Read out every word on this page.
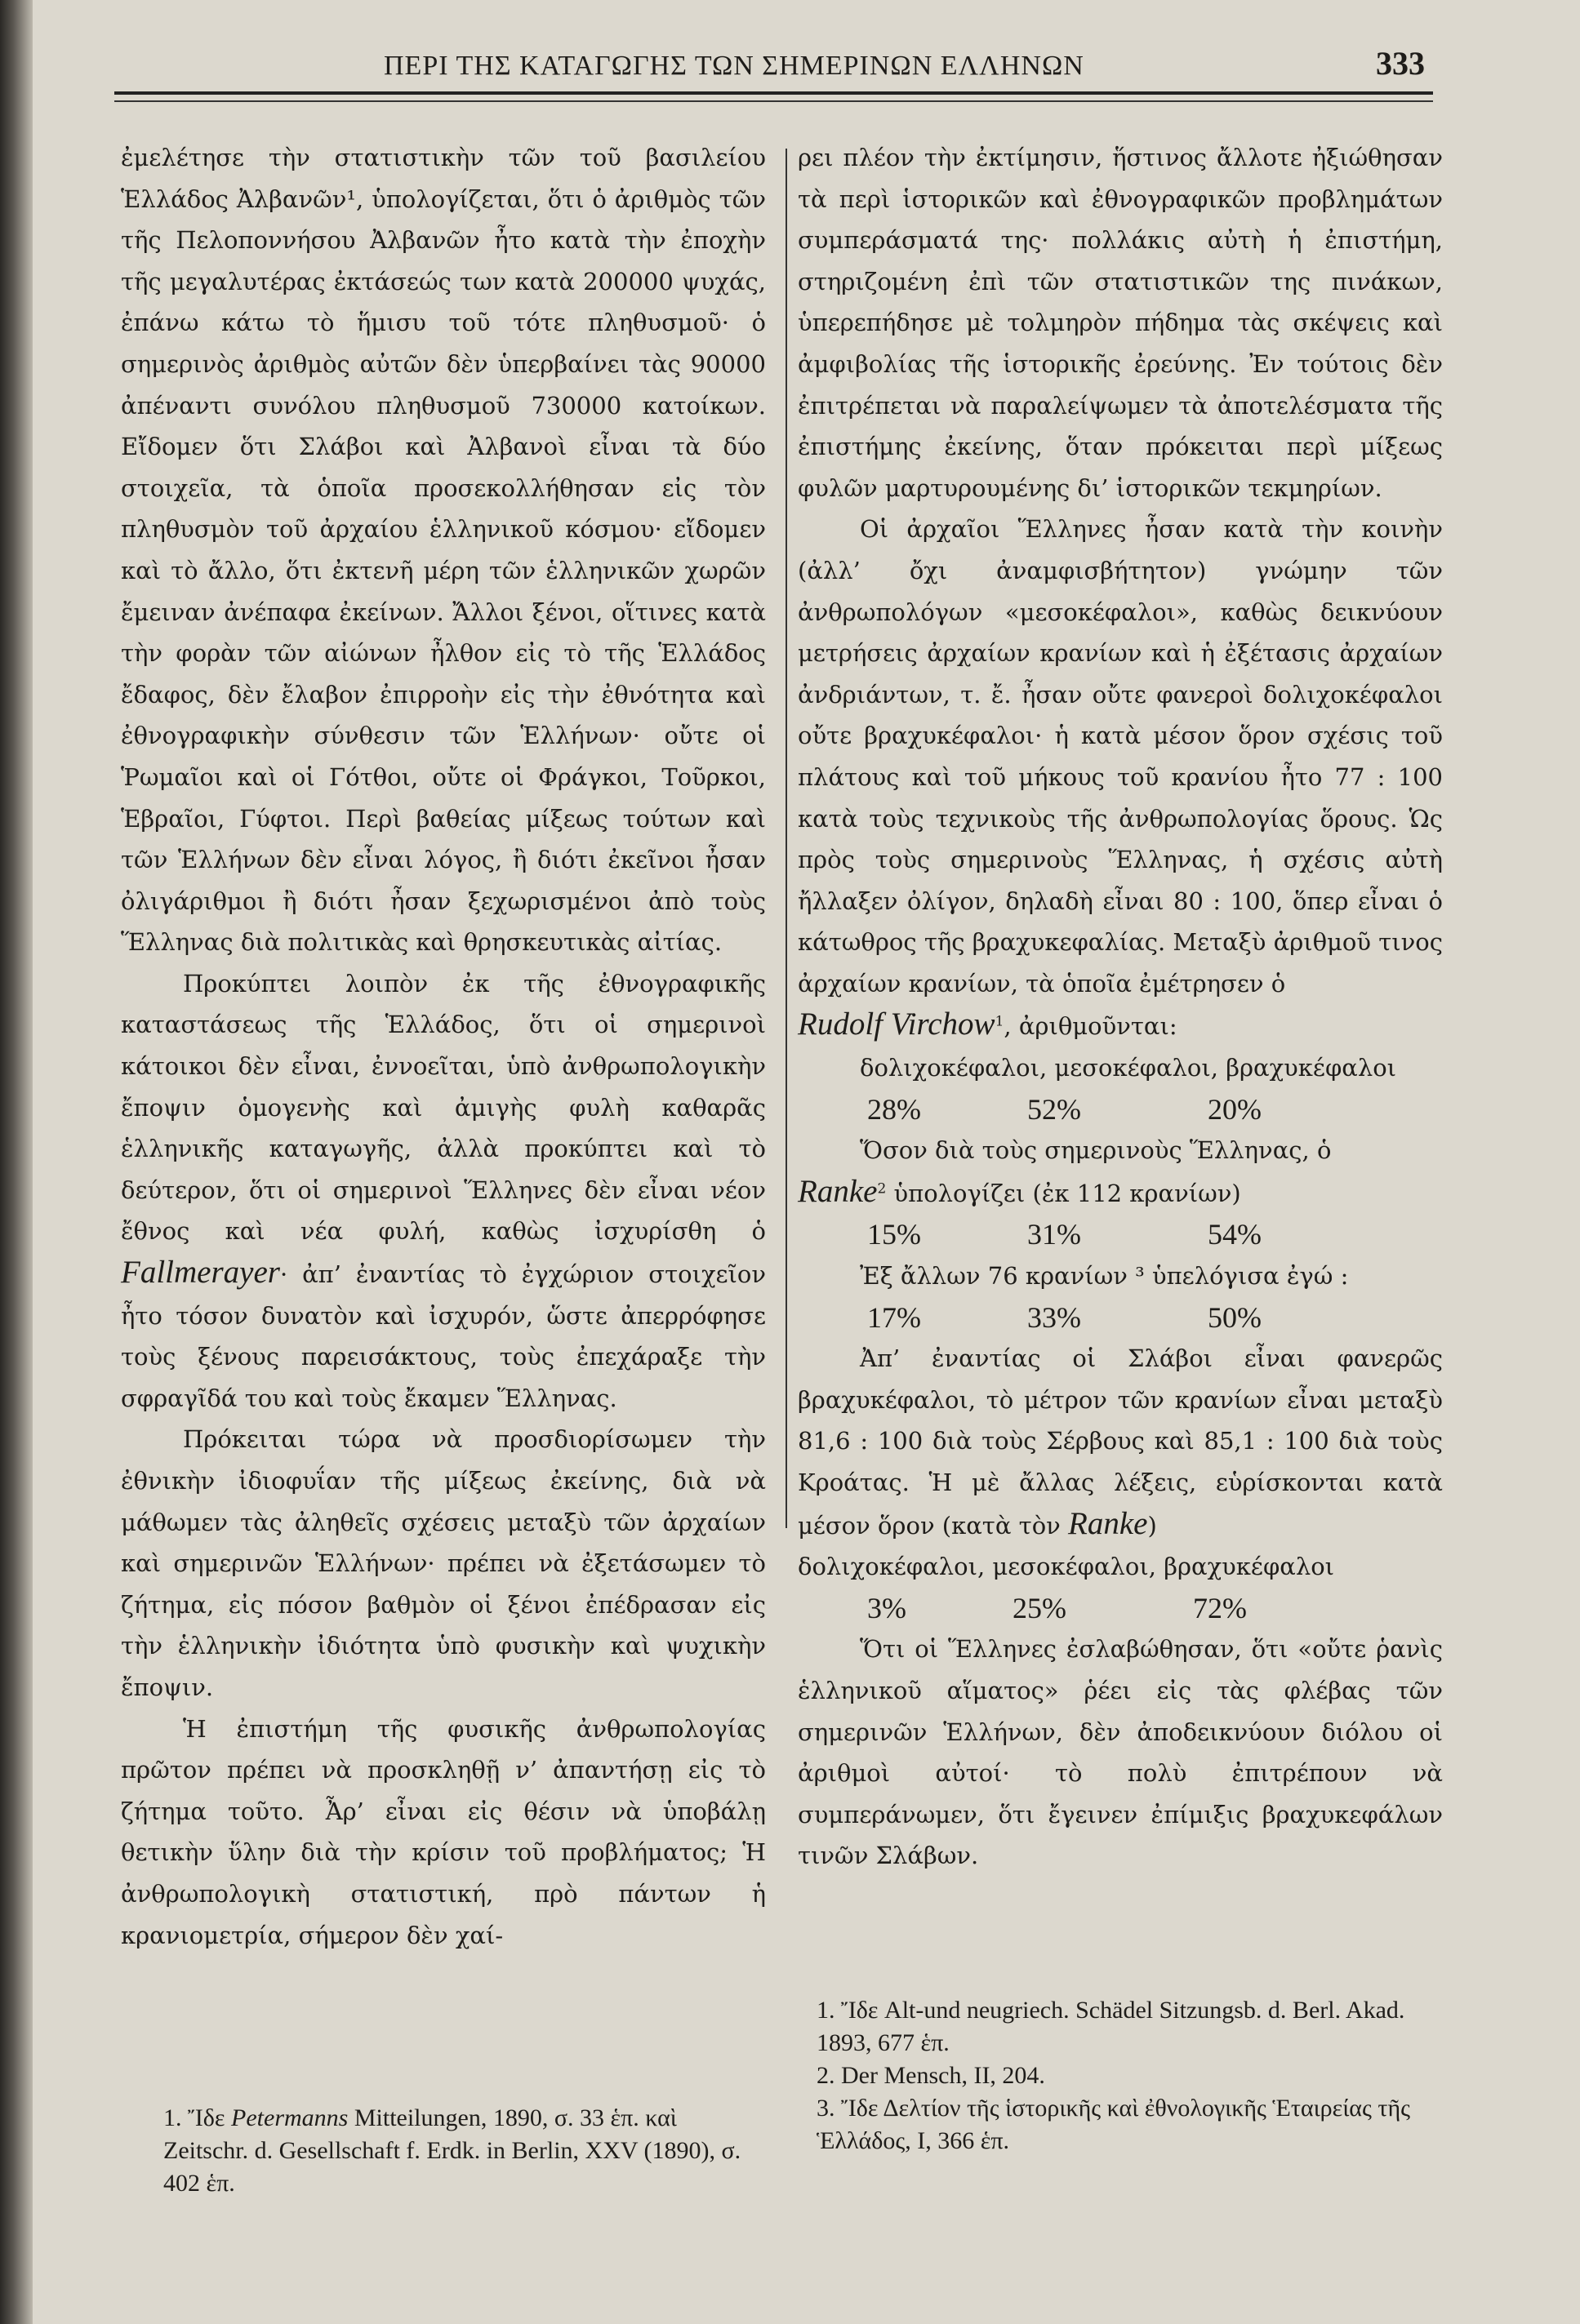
ΠΕΡΙ ΤΗΣ ΚΑΤΑΓΩΓΗΣ ΤΩΝ ΣΗΜΕΡΙΝΩΝ ΕΛΛΗΝΩΝ	333

ἐμελέτησε τὴν στατιστικὴν τῶν τοῦ βασιλείου Ἑλλάδος Ἀλβανῶν¹, ὑπολογίζεται, ὅτι ὁ ἀριθμὸς τῶν τῆς Πελοποννήσου Ἀλβανῶν ἦτο κατὰ τὴν ἐποχὴν τῆς μεγαλυτέρας ἐκτάσεώς των κατὰ 200000 ψυχάς, ἐπάνω κάτω τὸ ἥμισυ τοῦ τότε πληθυσμοῦ· ὁ σημερινὸς ἀριθμὸς αὐτῶν δὲν ὑπερβαίνει τὰς 90000 ἀπέναντι συνόλου πληθυσμοῦ 730000 κατοίκων. Εἴδομεν ὅτι Σλάβοι καὶ Ἀλβανοὶ εἶναι τὰ δύο στοιχεῖα, τὰ ὁποῖα προσεκολλήθησαν εἰς τὸν πληθυσμὸν τοῦ ἀρχαίου ἑλληνικοῦ κόσμου· εἴδομεν καὶ τὸ ἄλλο, ὅτι ἐκτενῆ μέρη τῶν ἑλληνικῶν χωρῶν ἔμειναν ἀνέπαφα ἐκείνων. Ἄλλοι ξένοι, οἵτινες κατὰ τὴν φορὰν τῶν αἰώνων ἦλθον εἰς τὸ τῆς Ἑλλάδος ἔδαφος, δὲν ἔλαβον ἐπιρροὴν εἰς τὴν ἐθνότητα καὶ ἐθνογραφικὴν σύνθεσιν τῶν Ἑλλήνων· οὔτε οἱ Ῥωμαῖοι καὶ οἱ Γότθοι, οὔτε οἱ Φράγκοι, Τοῦρκοι, Ἑβραῖοι, Γύφτοι. Περὶ βαθείας μίξεως τούτων καὶ τῶν Ἑλλήνων δὲν εἶναι λόγος, ἢ διότι ἐκεῖνοι ἦσαν ὀλιγάριθμοι ἢ διότι ἦσαν ξεχωρισμένοι ἀπὸ τοὺς Ἕλληνας διὰ πολιτικὰς καὶ θρησκευτικὰς αἰτίας.

Προκύπτει λοιπὸν ἐκ τῆς ἐθνογραφικῆς καταστάσεως τῆς Ἑλλάδος, ὅτι οἱ σημερινοὶ κάτοικοι δὲν εἶναι, ἐννοεῖται, ὑπὸ ἀνθρωπολογικὴν ἔποψιν ὁμογενὴς καὶ ἀμιγὴς φυλὴ καθαρᾶς ἑλληνικῆς καταγωγῆς, ἀλλὰ προκύπτει καὶ τὸ δεύτερον, ὅτι οἱ σημερινοὶ Ἕλληνες δὲν εἶναι νέον ἔθνος καὶ νέα φυλή, καθὼς ἰσχυρίσθη ὁ Fallmerayer· ἀπ’ ἐναντίας τὸ ἐγχώριον στοιχεῖον ἦτο τόσον δυνατὸν καὶ ἰσχυρόν, ὥστε ἀπερρόφησε τοὺς ξένους παρεισάκτους, τοὺς ἐπεχάραξε τὴν σφραγῖδά του καὶ τοὺς ἔκαμεν Ἕλληνας.

Πρόκειται τώρα νὰ προσδιορίσωμεν τὴν ἐθνικὴν ἰδιοφυΐαν τῆς μίξεως ἐκείνης, διὰ νὰ μάθωμεν τὰς ἀληθεῖς σχέσεις μεταξὺ τῶν ἀρχαίων καὶ σημερινῶν Ἑλλήνων· πρέπει νὰ ἐξετάσωμεν τὸ ζήτημα, εἰς πόσον βαθμὸν οἱ ξένοι ἐπέδρασαν εἰς τὴν ἑλληνικὴν ἰδιότητα ὑπὸ φυσικὴν καὶ ψυχικὴν ἔποψιν.

Ἡ ἐπιστήμη τῆς φυσικῆς ἀνθρωπολογίας πρῶτον πρέπει νὰ προσκληθῇ ν’ ἀπαντήσῃ εἰς τὸ ζήτημα τοῦτο. Ἆρ’ εἶναι εἰς θέσιν νὰ ὑποβάλῃ θετικὴν ὕλην διὰ τὴν κρίσιν τοῦ προβλήματος; Ἡ ἀνθρωπολογικὴ στατιστική, πρὸ πάντων ἡ κρανιομετρία, σήμερον δὲν χαί-

1. Ἴδε Petermanns Mitteilungen, 1890, σ. 33 ἑπ. καὶ Zeitschr. d. Gesellschaft f. Erdk. in Berlin, XXV (1890), σ. 402 ἑπ.

ρει πλέον τὴν ἐκτίμησιν, ἥστινος ἄλλοτε ἠξιώθησαν τὰ περὶ ἱστορικῶν καὶ ἐθνογραφικῶν προβλημάτων συμπεράσματά της· πολλάκις αὐτὴ ἡ ἐπιστήμη, στηριζομένη ἐπὶ τῶν στατιστικῶν της πινάκων, ὑπερεπήδησε μὲ τολμηρὸν πήδημα τὰς σκέψεις καὶ ἀμφιβολίας τῆς ἱστορικῆς ἐρεύνης. Ἐν τούτοις δὲν ἐπιτρέπεται νὰ παραλείψωμεν τὰ ἀποτελέσματα τῆς ἐπιστήμης ἐκείνης, ὅταν πρόκειται περὶ μίξεως φυλῶν μαρτυρουμένης δι’ ἱστορικῶν τεκμηρίων.

Οἱ ἀρχαῖοι Ἕλληνες ἦσαν κατὰ τὴν κοινὴν (ἀλλ’ ὄχι ἀναμφισβήτητον) γνώμην τῶν ἀνθρωπολόγων «μεσοκέφαλοι», καθὼς δεικνύουν μετρήσεις ἀρχαίων κρανίων καὶ ἡ ἐξέτασις ἀρχαίων ἀνδριάντων, τ. ἔ. ἦσαν οὔτε φανεροὶ δολιχοκέφαλοι οὔτε βραχυκέφαλοι· ἡ κατὰ μέσον ὅρον σχέσις τοῦ πλάτους καὶ τοῦ μήκους τοῦ κρανίου ἦτο 77 : 100 κατὰ τοὺς τεχνικοὺς τῆς ἀνθρωπολογίας ὅρους. Ὡς πρὸς τοὺς σημερινοὺς Ἕλληνας, ἡ σχέσις αὐτὴ ἤλλαξεν ὀλίγον, δηλαδὴ εἶναι 80 : 100, ὅπερ εἶναι ὁ κάτωθρος τῆς βραχυκεφαλίας. Μεταξὺ ἀριθμοῦ τινος ἀρχαίων κρανίων, τὰ ὁποῖα ἐμέτρησεν ὁ
Rudolf Virchow$^1$, ἀριθμοῦνται:

δολιχοκέφαλοι, μεσοκέφαλοι, βραχυκέφαλοι

28%	52%	20%

Ὅσον διὰ τοὺς σημερινοὺς Ἕλληνας, ὁ
Ranke$^2$ ὑπολογίζει (ἐκ 112 κρανίων)

15%	31%	54%

Ἐξ ἄλλων 76 κρανίων ³ ὑπελόγισα ἐγώ :

17%	33%	50%

Ἀπ’ ἐναντίας οἱ Σλάβοι εἶναι φανερῶς βραχυκέφαλοι, τὸ μέτρον τῶν κρανίων εἶναι μεταξὺ 81,6 : 100 διὰ τοὺς Σέρβους καὶ 85,1 : 100 διὰ τοὺς Κροάτας. Ἡ μὲ ἄλλας λέξεις, εὑρίσκονται κατὰ μέσον ὅρον (κατὰ τὸν Ranke)

δολιχοκέφαλοι, μεσοκέφαλοι, βραχυκέφαλοι

3%	25%	72%

Ὅτι οἱ Ἕλληνες ἐσλαβώθησαν, ὅτι «οὔτε ῥανὶς ἑλληνικοῦ αἵματος» ῥέει εἰς τὰς φλέβας τῶν σημερινῶν Ἑλλήνων, δὲν ἀποδεικνύουν διόλου οἱ ἀριθμοὶ αὐτοί· τὸ πολὺ ἐπιτρέπουν νὰ συμπεράνωμεν, ὅτι ἔγεινεν ἐπίμιξις βραχυκεφάλων τινῶν Σλάβων.

1. Ἴδε Alt-und neugriech. Schädel Sitzungsb. d. Berl. Akad. 1893, 677 ἑπ.

2. Der Mensch, II, 204.

3. Ἴδε Δελτίον τῆς ἱστορικῆς καὶ ἐθνολογικῆς Ἑταιρείας τῆς Ἑλλάδος, I, 366 ἑπ.
